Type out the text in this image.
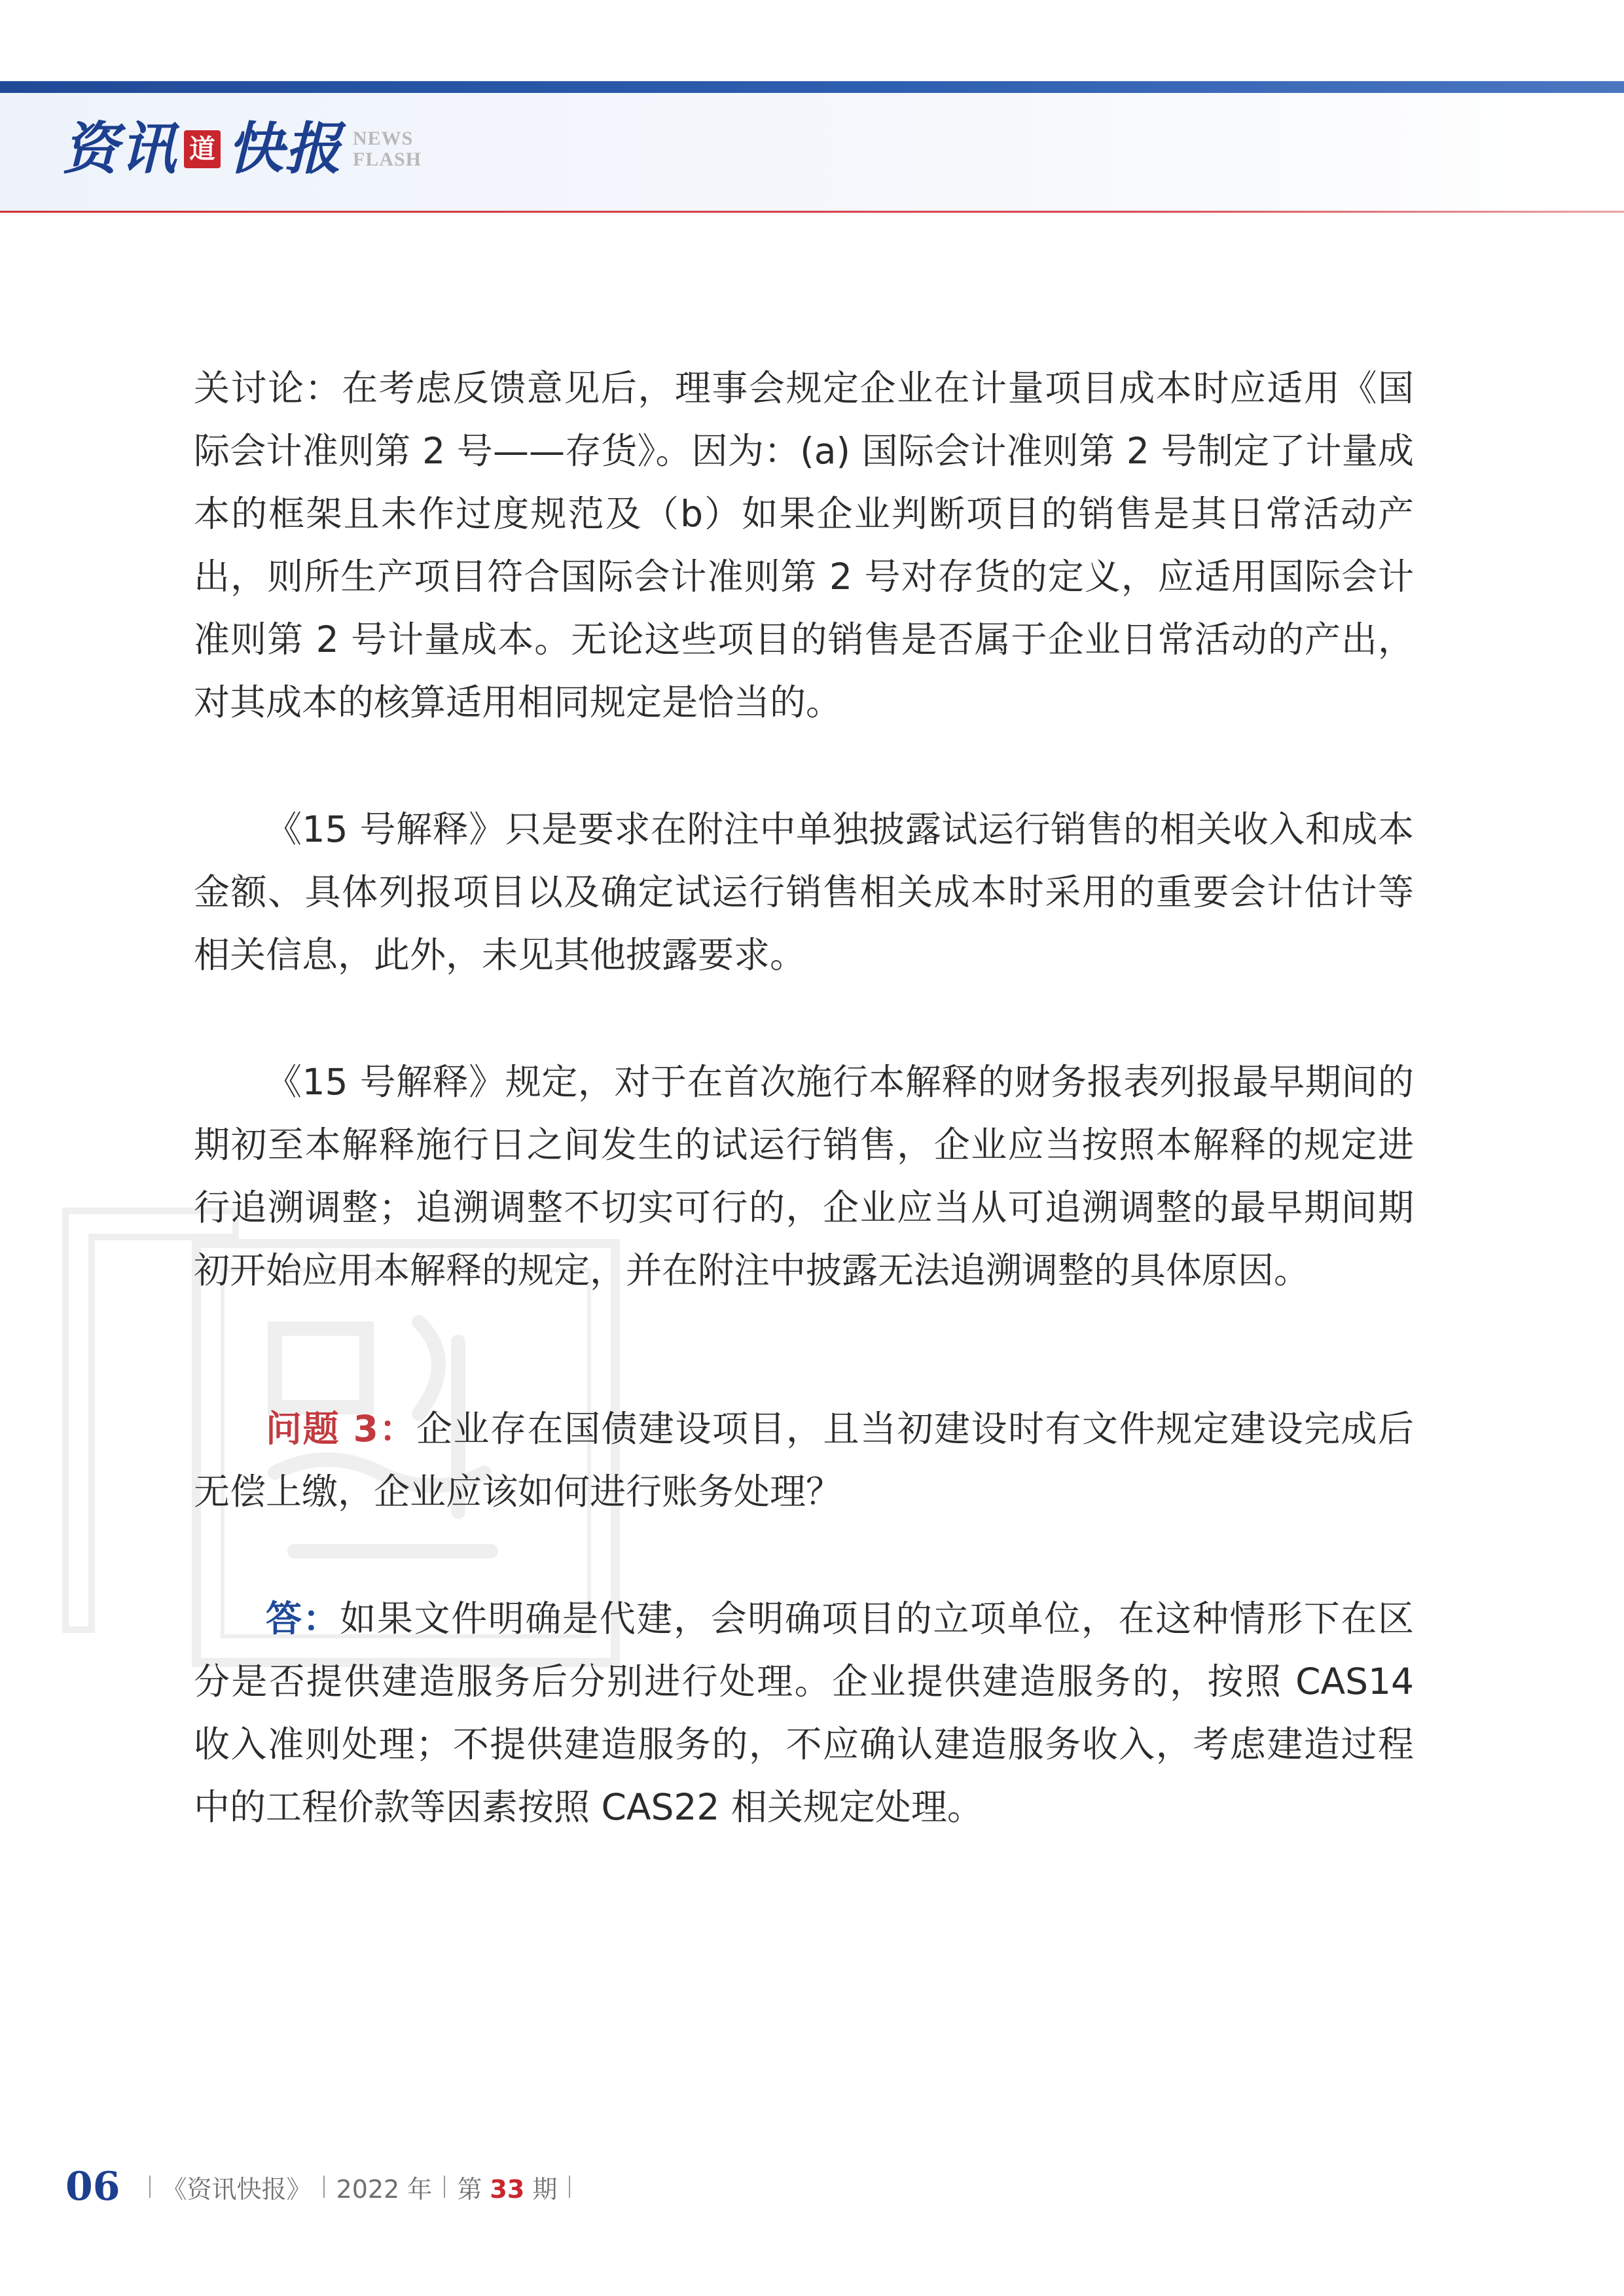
资讯 道 快报 NEWS
FLASH

关讨论：在考虑反馈意见后，理事会规定企业在计量项目成本时应适用《国际会计准则第 2 号——存货》。因为：(a) 国际会计准则第 2 号制定了计量成本的框架且未作过度规范及（b）如果企业判断项目的销售是其日常活动产出，则所生产项目符合国际会计准则第 2 号对存货的定义，应适用国际会计准则第 2 号计量成本。无论这些项目的销售是否属于企业日常活动的产出，对其成本的核算适用相同规定是恰当的。

《15 号解释》只是要求在附注中单独披露试运行销售的相关收入和成本金额、具体列报项目以及确定试运行销售相关成本时采用的重要会计估计等相关信息，此外，未见其他披露要求。

《15 号解释》规定，对于在首次施行本解释的财务报表列报最早期间的期初至本解释施行日之间发生的试运行销售，企业应当按照本解释的规定进行追溯调整；追溯调整不切实可行的，企业应当从可追溯调整的最早期间期初开始应用本解释的规定，并在附注中披露无法追溯调整的具体原因。

问题 3：企业存在国债建设项目，且当初建设时有文件规定建设完成后无偿上缴，企业应该如何进行账务处理？

答：如果文件明确是代建，会明确项目的立项单位，在这种情形下在区分是否提供建造服务后分别进行处理。企业提供建造服务的，按照 CAS14 收入准则处理；不提供建造服务的，不应确认建造服务收入，考虑建造过程中的工程价款等因素按照 CAS22 相关规定处理。

06 《资讯快报》 2022 年 第 33 期
